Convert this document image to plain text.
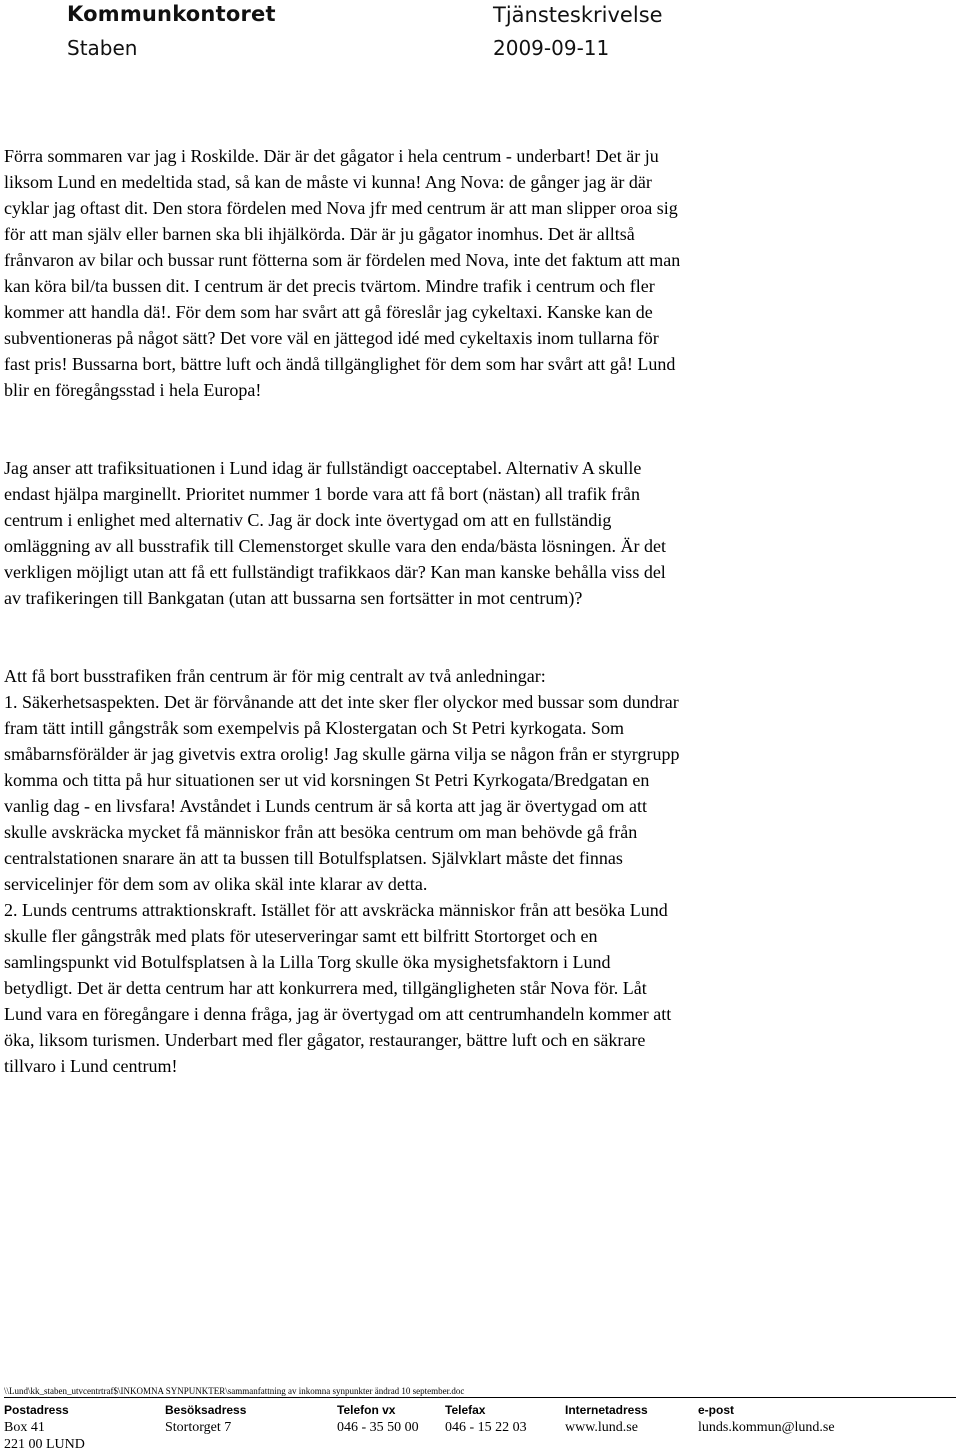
Kommunkontoret
Staben
Tjänsteskrivelse
2009-09-11
Förra sommaren var jag i Roskilde. Där är det gågator i hela centrum - underbart! Det är ju
liksom Lund en medeltida stad, så kan de måste vi kunna! Ang Nova: de gånger jag är där
cyklar jag oftast dit. Den stora fördelen med Nova jfr med centrum är att man slipper oroa sig
för att man själv eller barnen ska bli ihjälkörda. Där är ju gågator inomhus. Det är alltså
frånvaron av bilar och bussar runt fötterna som är fördelen med Nova, inte det faktum att man
kan köra bil/ta bussen dit. I centrum är det precis tvärtom. Mindre trafik i centrum och fler
kommer att handla dä!. För dem som har svårt att gå föreslår jag cykeltaxi. Kanske kan de
subventioneras på något sätt? Det vore väl en jättegod idé med cykeltaxis inom tullarna för
fast pris! Bussarna bort, bättre luft och ändå tillgänglighet för dem som har svårt att gå! Lund
blir en föregångsstad i hela Europa!
Jag anser att trafiksituationen i Lund idag är fullständigt oacceptabel. Alternativ A skulle
endast hjälpa marginellt. Prioritet nummer 1 borde vara att få bort (nästan) all trafik från
centrum i enlighet med alternativ C. Jag är dock inte övertygad om att en fullständig
omläggning av all busstrafik till Clemenstorget skulle vara den enda/bästa lösningen. Är det
verkligen möjligt utan att få ett fullständigt trafikkaos där? Kan man kanske behålla viss del
av trafikeringen till Bankgatan (utan att bussarna sen fortsätter in mot centrum)?
Att få bort busstrafiken från centrum är för mig centralt av två anledningar:
1. Säkerhetsaspekten. Det är förvånande att det inte sker fler olyckor med bussar som dundrar
fram tätt intill gångstråk som exempelvis på Klostergatan och St Petri kyrkogata. Som
småbarnsförälder är jag givetvis extra orolig! Jag skulle gärna vilja se någon från er styrgrupp
komma och titta på hur situationen ser ut vid korsningen St Petri Kyrkogata/Bredgatan en
vanlig dag - en livsfara! Avståndet i Lunds centrum är så korta att jag är övertygad om att
skulle avskräcka mycket få människor från att besöka centrum om man behövde gå från
centralstationen snarare än att ta bussen till Botulfsplatsen. Självklart måste det finnas
servicelinjer för dem som av olika skäl inte klarar av detta.
2. Lunds centrums attraktionskraft. Istället för att avskräcka människor från att besöka Lund
skulle fler gångstråk med plats för uteserveringar samt ett bilfritt Stortorget och en
samlingspunkt vid Botulfsplatsen à la Lilla Torg skulle öka mysighetsfaktorn i Lund
betydligt. Det är detta centrum har att konkurrera med, tillgängligheten står Nova för. Låt
Lund vara en föregångare i denna fråga, jag är övertygad om att centrumhandeln kommer att
öka, liksom turismen. Underbart med fler gågator, restauranger, bättre luft och en säkrare
tillvaro i Lund centrum!
\\Lund\kk_staben_utvcentrtraf$\INKOMNA SYNPUNKTER\sammanfattning av inkomna synpunkter ändrad 10 september.doc
Postadress
Box 41
221 00 LUND
Besöksadress
Stortorget 7
Telefon vx
046 - 35 50 00
Telefax
046 - 15 22 03
Internetadress
www.lund.se
e-post
lunds.kommun@lund.se
